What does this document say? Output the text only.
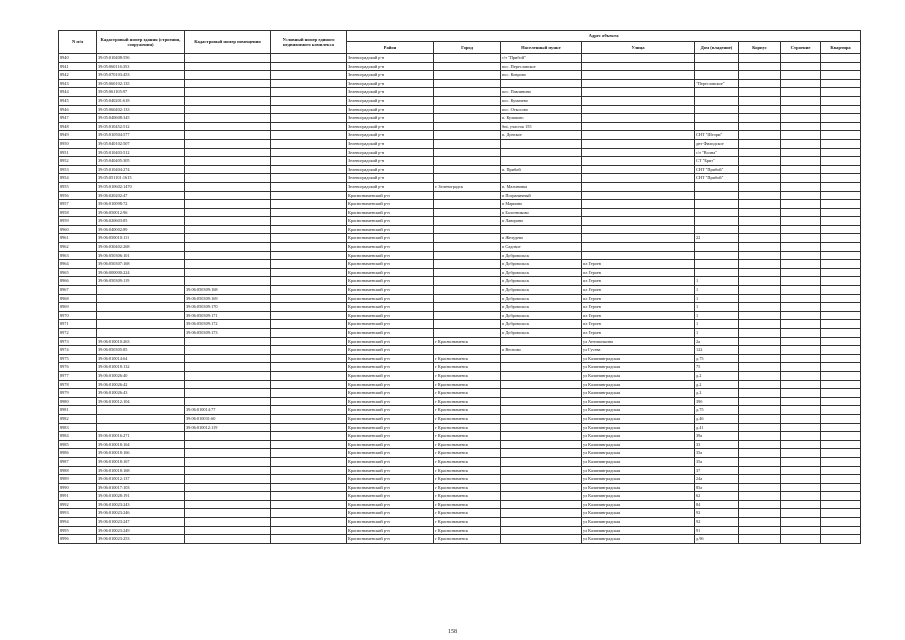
N п/п	Кадастровый номер здания (строения, сооружения)	Кадастровый номер помещения	Условный номер единого недвижимого комплекса	Адрес объекта							
				Район	Город	Населенный пункт	Улица	Дом (владение)	Корпус	Строение	Квартира
8940	39:05:010408:556			Зеленоградский р-н		с/т "Прибой"					
8941	39:05:060116:353			Зеленоградский р-н		пос. Переславское					
8942	39:05:070103:453			Зеленоградский р-н		пос. Коврово					
8943	39:05:060102:135			Зеленоградский р-н				"Переславское"			
8944	39:05:061105:97			Зеленоградский р-н		пос. Павлинино					
8945	39:05:040201:618			Зеленоградский р-н		пос. Кумачево					
8946	39:05:060402:133			Зеленоградский р-н		пос. Откосово					
8947	39:05:040608:345			Зеленоградский р-н		п. Куликово					
8948	39:05:010452:512			Зеленоградский р-н		Snt, участок 155					
8949	39:05:010504:577			Зеленоградский р-н		п. Донское		СНТ "Шторм"			
8950	39:05:040102:507			Зеленоградский р-н				днт Филидское			
8951	39:05:010403:512			Зеленоградский р-н				с/т "Волна"			
8952	39:05:040405:305			Зеленоградский р-н				СТ "Бриз"			
8953	39:05:010404:274			Зеленоградский р-н		п. Прибой		СНТ "Прибой"			
8954	39:05:051101:1615			Зеленоградский р-н				СНТ "Прибой"			
8955	39:05:010602:1470			Зеленоградский р-н	г. Зеленоградск	п. Малиновка					
8956	39:06:020202:47			Краснознаменский р-н		п Пограничный					
8957	39:06:010098:72			Краснознаменский р-н		п Мариино					
8958	39:06:050012:96			Краснознаменский р-н		п Болотниково					
8959	39:06:020603:85			Краснознаменский р-н		п Лаворино					
8960	39:06:040002:89			Краснознаменский р-н							
8961	39:06:050010:111			Краснознаменский р-н		п Желудево		22			
8962	39:06:030402:268			Краснознаменский р-н		п Садовое					
8963	39:06:050306:101			Краснознаменский р-н		п Добровольск					
8964	39:06:050307:168			Краснознаменский р-н		п Добровольск	пл Героев				
8965	39:06:000000:224			Краснознаменский р-н		п Добровольск	пл Героев				
8966	39:06:050309:119			Краснознаменский р-н		п Добровольск	пл Героев	1			
8967		39:06:050309:168		Краснознаменский р-н		п Добровольск	пл Героев	1			
8968		39:06:050309:169		Краснознаменский р-н		п Добровольск	пл Героев	1			
8969		39:06:050309:170		Краснознаменский р-н		п Добровольск	пл Героев	1			
8970		39:06:050309:171		Краснознаменский р-н		п Добровольск	пл Героев	1			
8971		39:06:050309:172		Краснознаменский р-н		п Добровольск	пл Героев	1			
8972		39:06:050309:173		Краснознаменский р-н		п Добровольск	пл Героев	1			
8973	39:06:010010:263			Краснознаменский р-н	г Краснознаменск		ул Антипочкина	2а			
8974	39:06:050305:85			Краснознаменский р-н		п Весново	ул Гусева	122			
8975	39:06:010014:64			Краснознаменский р-н	г Краснознаменск		ул Калининградская	д.75			
8976	39:06:010018:132			Краснознаменский р-н	г Краснознаменск		ул Калининградская	75			
8977	39:06:010026:40			Краснознаменский р-н	г Краснознаменск		ул Калининградская	д.2			
8978	39:06:010026:42			Краснознаменский р-н	г Краснознаменск		ул Калининградская	д.2			
8979	39:06:010026:43			Краснознаменский р-н	г Краснознаменск		ул Калининградская	д.2			
8980	39:06:010012:104			Краснознаменский р-н	г Краснознаменск		ул Калининградская	39б			
8981		39:06:010014:77		Краснознаменский р-н	г Краснознаменск		ул Калининградская	д.75			
8982		39:06:010031:60		Краснознаменский р-н	г Краснознаменск		ул Калининградская	д.46			
8983		39:06:010012:119		Краснознаменский р-н	г Краснознаменск		ул Калининградская	д.41			
8984	39:06:010016:271			Краснознаменский р-н	г Краснознаменск		ул Калининградская	39а			
8985	39:06:010018:164			Краснознаменский р-н	г Краснознаменск		ул Калининградская	33			
8986	39:06:010018:166			Краснознаменский р-н	г Краснознаменск		ул Калининградская	35а			
8987	39:06:010018:167			Краснознаменский р-н	г Краснознаменск		ул Калининградская	35а			
8988	39:06:010018:168			Краснознаменский р-н	г Краснознаменск		ул Калининградская	37			
8989	39:06:010012:137			Краснознаменский р-н	г Краснознаменск		ул Калининградская	24а			
8990	39:06:010017:103			Краснознаменский р-н	г Краснознаменск		ул Калининградская	85а			
8991	39:06:010028:191			Краснознаменский р-н	г Краснознаменск		ул Калининградская	62			
8992	39:06:010023:243			Краснознаменский р-н	г Краснознаменск		ул Калининградская	84			
8993	39:06:010023:246			Краснознаменский р-н	г Краснознаменск		ул Калининградская	92			
8994	39:06:010023:247			Краснознаменский р-н	г Краснознаменск		ул Калининградская	92			
8995	39:06:010023:249			Краснознаменский р-н	г Краснознаменск		ул Калининградская	91			
8996	39:06:010023:253			Краснознаменский р-н	г Краснознаменск		ул Калининградская	д.96			
158
